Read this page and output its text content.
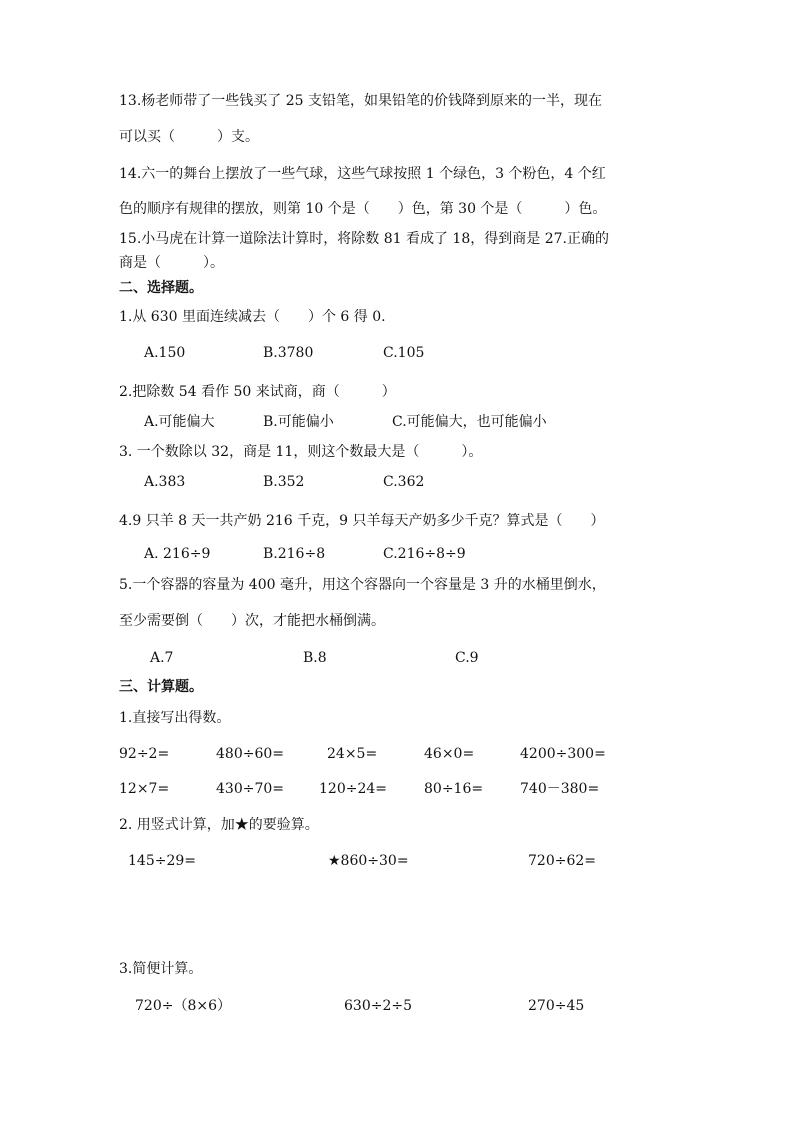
13.杨老师带了一些钱买了 25 支铅笔，如果铅笔的价钱降到原来的一半，现在
可以买（　　　）支。
14.六一的舞台上摆放了一些气球，这些气球按照 1 个绿色，3 个粉色，4 个红
色的顺序有规律的摆放，则第 10 个是（　　）色，第 30 个是（　　　）色。
15.小马虎在计算一道除法计算时，将除数 81 看成了 18，得到商是 27.正确的
商是（　　　）。
二、选择题。
1.从 630 里面连续减去（　　）个 6 得 0.
A.150	B.3780	C.105
2.把除数 54 看作 50 来试商，商（　　　）
A.可能偏大	B.可能偏小	C.可能偏大，也可能偏小
3. 一个数除以 32，商是 11，则这个数最大是（　　　）。
A.383	B.352	C.362
4.9 只羊 8 天一共产奶 216 千克，9 只羊每天产奶多少千克？算式是（　　）
A. 216÷9	B.216÷8	C.216÷8÷9
5.一个容器的容量为 400 毫升，用这个容器向一个容量是 3 升的水桶里倒水，
至少需要倒（　　）次，才能把水桶倒满。
A.7	B.8	C.9
三、计算题。
1.直接写出得数。
92÷2=	480÷60=	24×5=	46×0=	4200÷300=
12×7=	430÷70=	120÷24=	80÷16=	740－380=
2. 用竖式计算，加★的要验算。
145÷29=	★860÷30=	720÷62=
3.简便计算。
720÷（8×6）	630÷2÷5	270÷45
